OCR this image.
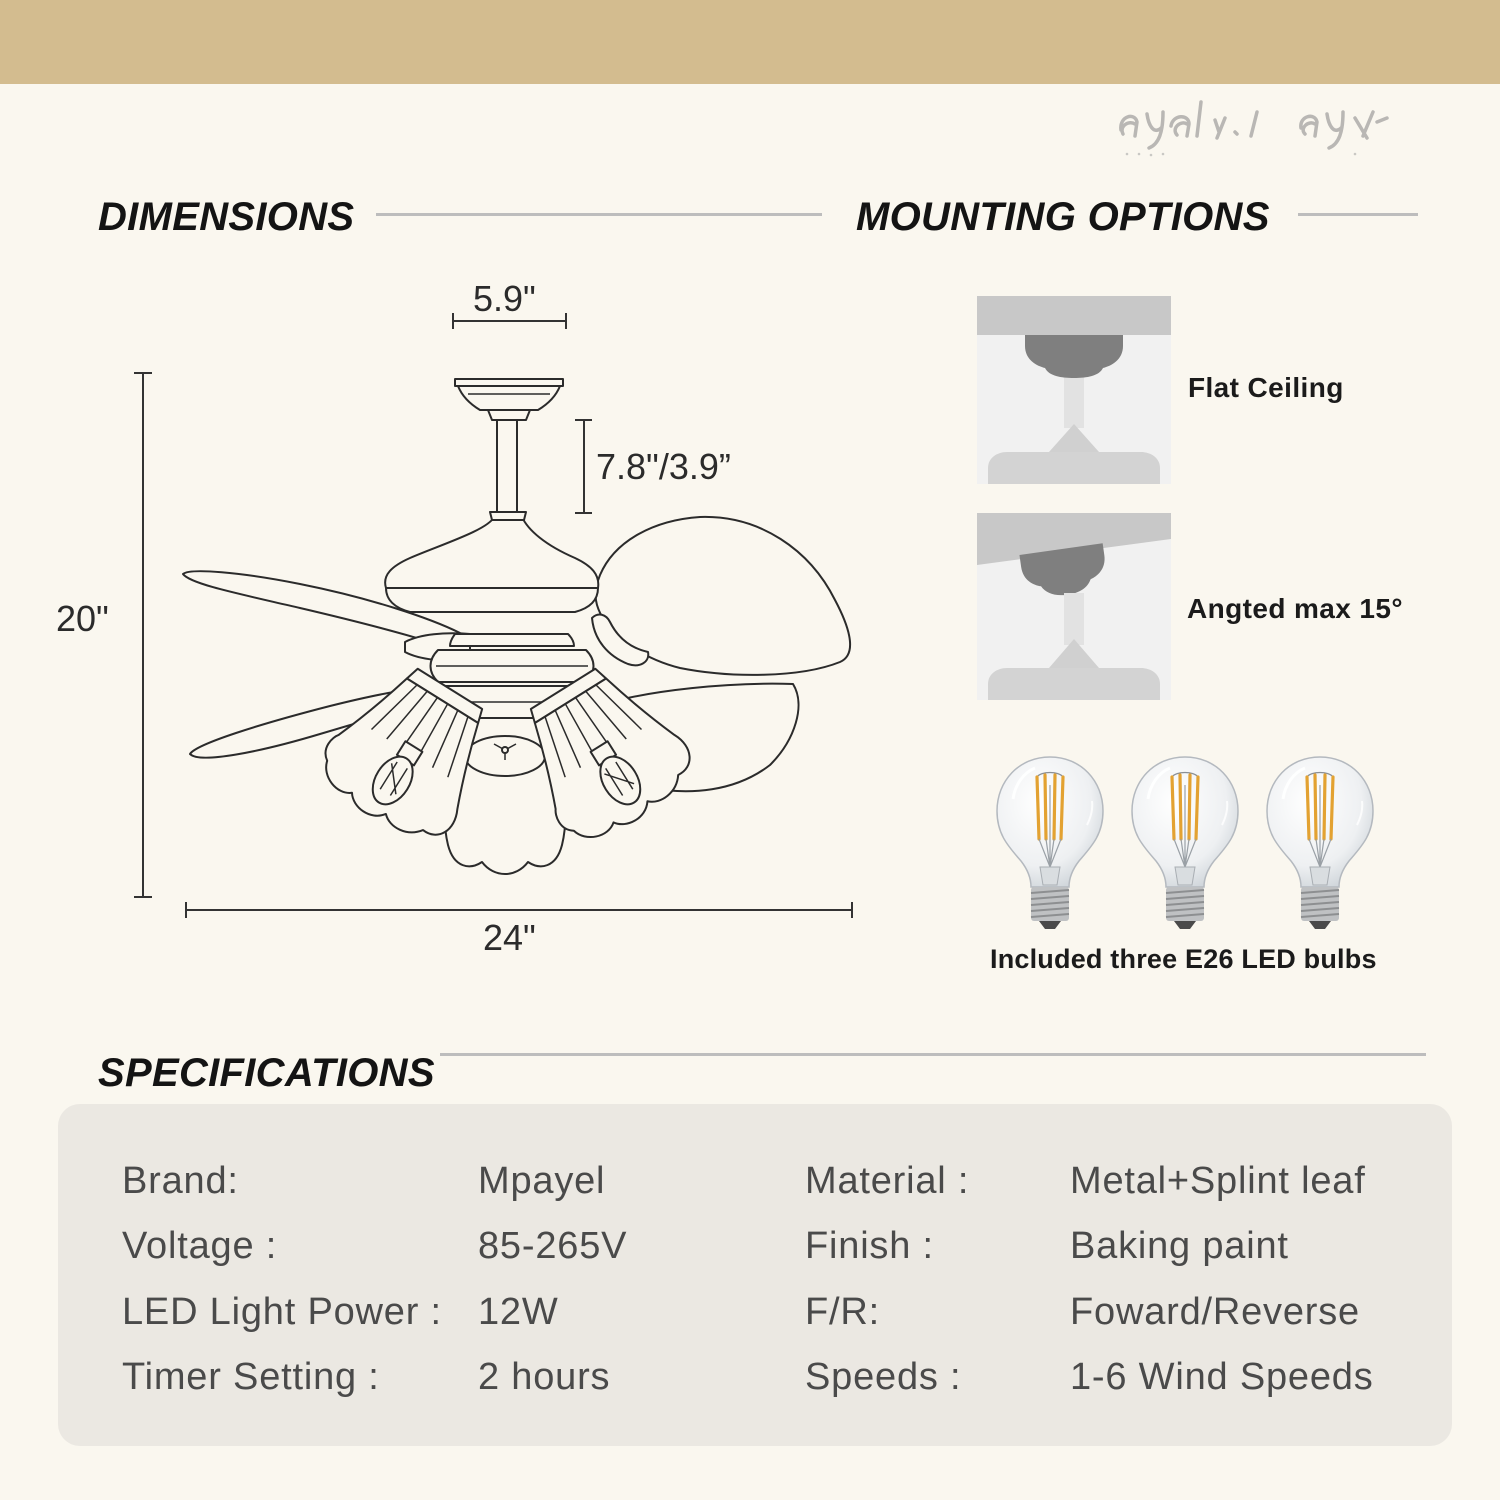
DIMENSIONS	MOUNTING OPTIONS
5.9"
7.8"/3.9”
20"
24"
Flat Ceiling
Angted max 15°
Included three E26 LED bulbs
SPECIFICATIONS
Brand:	Mpayel	Material :	Metal+Splint leaf
Voltage :	85-265V	Finish :	Baking paint
LED Light Power : 12W	F/R:	Foward/Reverse
Timer Setting :	2 hours	Speeds :	1-6 Wind Speeds
